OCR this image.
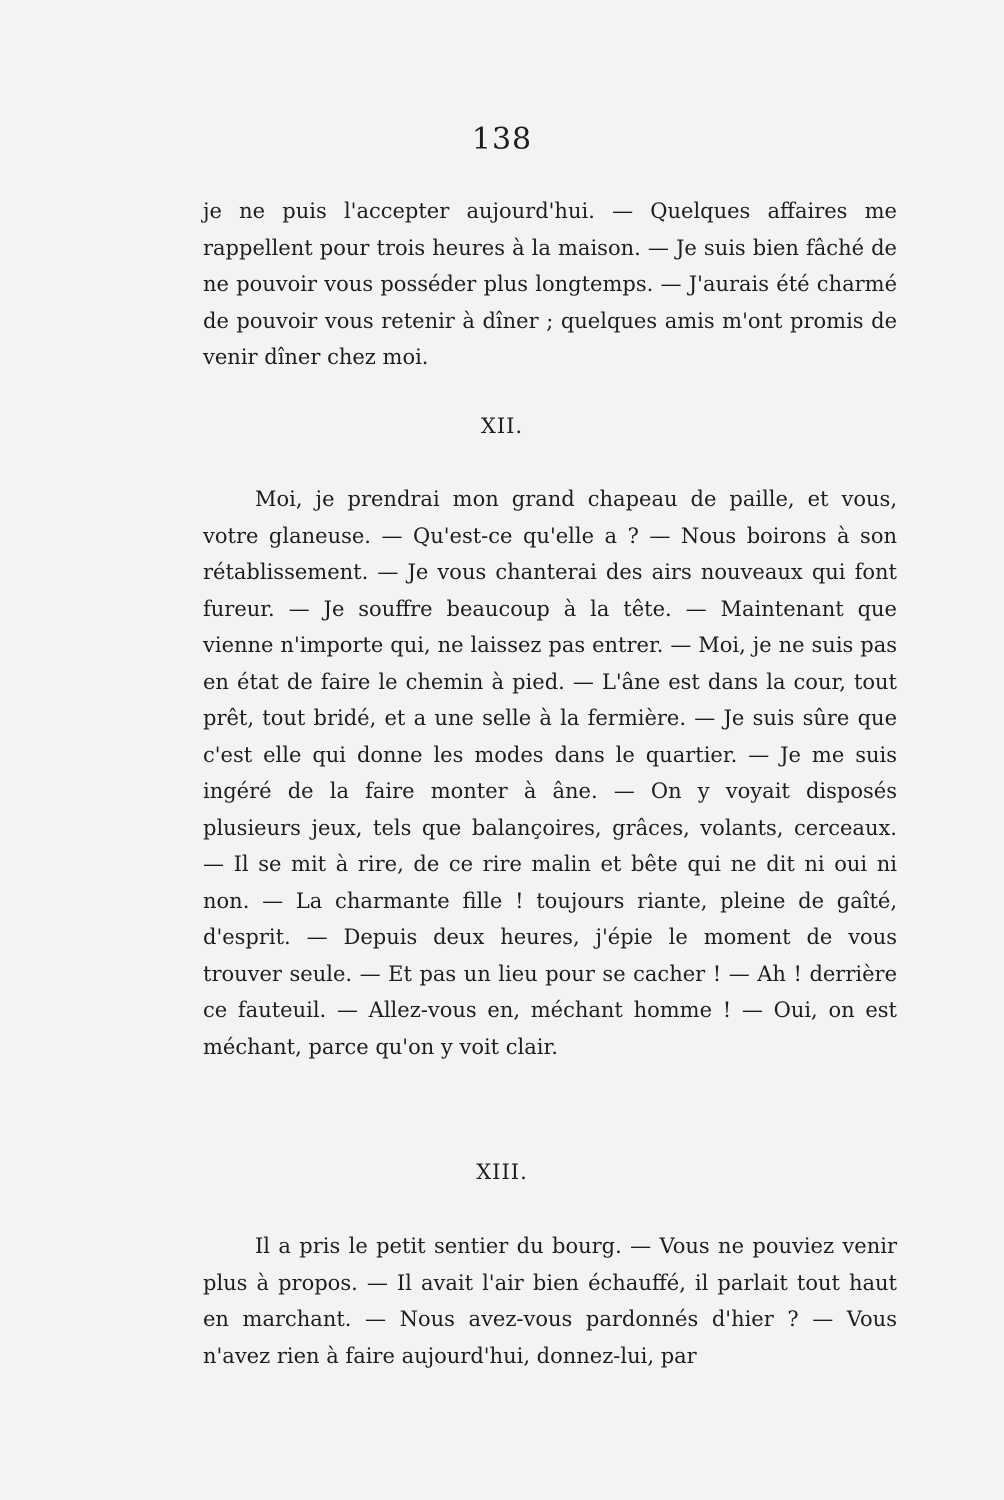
138

je ne puis l'accepter aujourd'hui. — Quelques affaires me rappellent pour trois heures à la maison. — Je suis bien fâché de ne pouvoir vous posséder plus longtemps. — J'aurais été charmé de pouvoir vous retenir à dîner ; quelques amis m'ont promis de venir dîner chez moi.

XII.

Moi, je prendrai mon grand chapeau de paille, et vous, votre glaneuse. — Qu'est-ce qu'elle a ? — Nous boirons à son rétablissement. — Je vous chanterai des airs nouveaux qui font fureur. — Je souffre beaucoup à la tête. — Maintenant que vienne n'importe qui, ne laissez pas entrer. — Moi, je ne suis pas en état de faire le chemin à pied. — L'âne est dans la cour, tout prêt, tout bridé, et a une selle à la fermière. — Je suis sûre que c'est elle qui donne les modes dans le quartier. — Je me suis ingéré de la faire monter à âne. — On y voyait disposés plusieurs jeux, tels que balançoires, grâces, volants, cerceaux. — Il se mit à rire, de ce rire malin et bête qui ne dit ni oui ni non. — La charmante fille ! toujours riante, pleine de gaîté, d'esprit. — Depuis deux heures, j'épie le moment de vous trouver seule. — Et pas un lieu pour se cacher ! — Ah ! derrière ce fauteuil. — Allez-vous en, méchant homme ! — Oui, on est méchant, parce qu'on y voit clair.

XIII.

Il a pris le petit sentier du bourg. — Vous ne pouviez venir plus à propos. — Il avait l'air bien échauffé, il parlait tout haut en marchant. — Nous avez-vous pardonnés d'hier ? — Vous n'avez rien à faire aujourd'hui, donnez-lui, par
